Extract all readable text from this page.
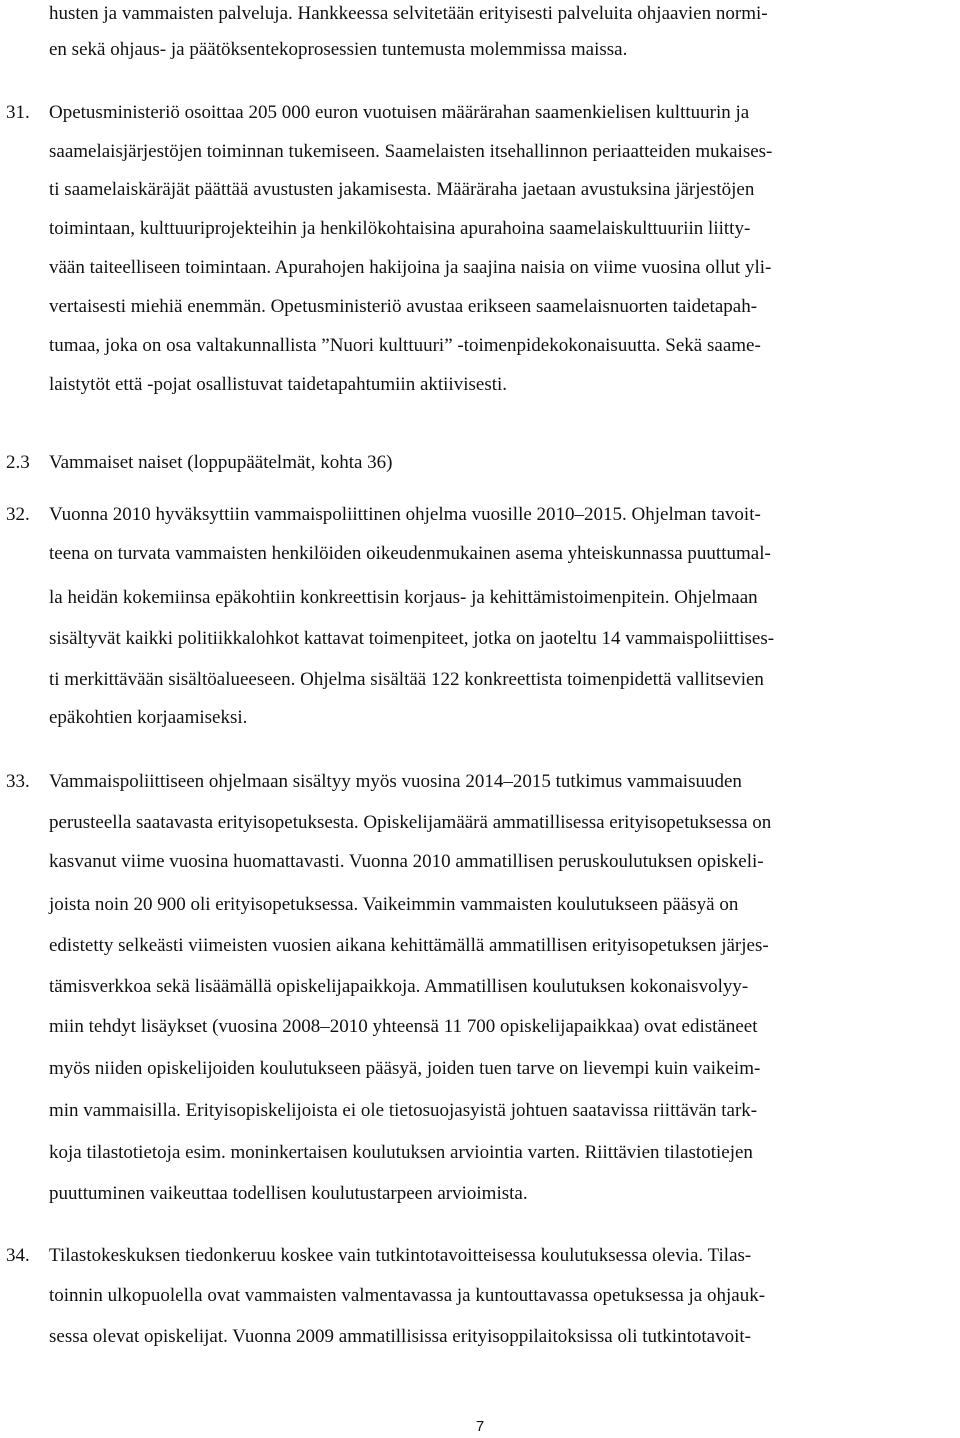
husten ja vammaisten palveluja. Hankkeessa selvitetään erityisesti palveluita ohjaavien normi-
en sekä ohjaus- ja päätöksentekoprosessien tuntemusta molemmissa maissa.
31. Opetusministeriö osoittaa 205 000 euron vuotuisen määrärahan saamenkielisen kulttuurin ja
saamelaisjärjestöjen toiminnan tukemiseen. Saamelaisten itsehallinnon periaatteiden mukaises-
ti saamelaiskäräjät päättää avustusten jakamisesta. Määräraha jaetaan avustuksina järjestöjen
toimintaan, kulttuuriprojekteihin ja henkilökohtaisina apurahoina saamelaiskulttuuriin liitty-
vään taiteelliseen toimintaan. Apurahojen hakijoina ja saajina naisia on viime vuosina ollut yli-
vertaisesti miehiä enemmän. Opetusministeriö avustaa erikseen saamelaisnuorten taidetapah-
tumaa, joka on osa valtakunnallista ”Nuori kulttuuri” -toimenpidekokonaisuutta. Sekä saame-
laistytöt että -pojat osallistuvat taidetapahtumiin aktiivisesti.
2.3 Vammaiset naiset (loppupäätelmät, kohta 36)
32. Vuonna 2010 hyväksyttiin vammaispoliittinen ohjelma vuosille 2010–2015. Ohjelman tavoit-
teena on turvata vammaisten henkilöiden oikeudenmukainen asema yhteiskunnassa puuttumal-
la heidän kokemiinsa epäkohtiin konkreettisin korjaus- ja kehittämistoimenpitein. Ohjelmaan
sisältyvät kaikki politiikkalohkot kattavat toimenpiteet, jotka on jaoteltu 14 vammaispoliittises-
ti merkittävään sisältöalueeseen. Ohjelma sisältää 122 konkreettista toimenpidettä vallitsevien
epäkohtien korjaamiseksi.
33. Vammaispoliittiseen ohjelmaan sisältyy myös vuosina 2014–2015 tutkimus vammaisuuden
perusteella saatavasta erityisopetuksesta. Opiskelijamäärä ammatillisessa erityisopetuksessa on
kasvanut viime vuosina huomattavasti. Vuonna 2010 ammatillisen peruskoulutuksen opiskeli-
joista noin 20 900 oli erityisopetuksessa. Vaikeimmin vammaisten koulutukseen pääsyä on
edistetty selkeästi viimeisten vuosien aikana kehittämällä ammatillisen erityisopetuksen järjes-
tämisverkkoa sekä lisäämällä opiskelijapaikkoja. Ammatillisen koulutuksen kokonaisvolyy-
miin tehdyt lisäykset (vuosina 2008–2010 yhteensä 11 700 opiskelijapaikkaa) ovat edistäneet
myös niiden opiskelijoiden koulutukseen pääsyä, joiden tuen tarve on lievempi kuin vaikeim-
min vammaisilla. Erityisopiskelijoista ei ole tietosuojasyistä johtuen saatavissa riittävän tark-
koja tilastotietoja esim. moninkertaisen koulutuksen arviointia varten. Riittävien tilastotiejen
puuttuminen vaikeuttaa todellisen koulutustarpeen arvioimista.
34. Tilastokeskuksen tiedonkeruu koskee vain tutkintotavoitteisessa koulutuksessa olevia. Tilas-
toinnin ulkopuolella ovat vammaisten valmentavassa ja kuntouttavassa opetuksessa ja ohjauk-
sessa olevat opiskelijat. Vuonna 2009 ammatillisissa erityisoppilaitoksissa oli tutkintotavoit-
7
